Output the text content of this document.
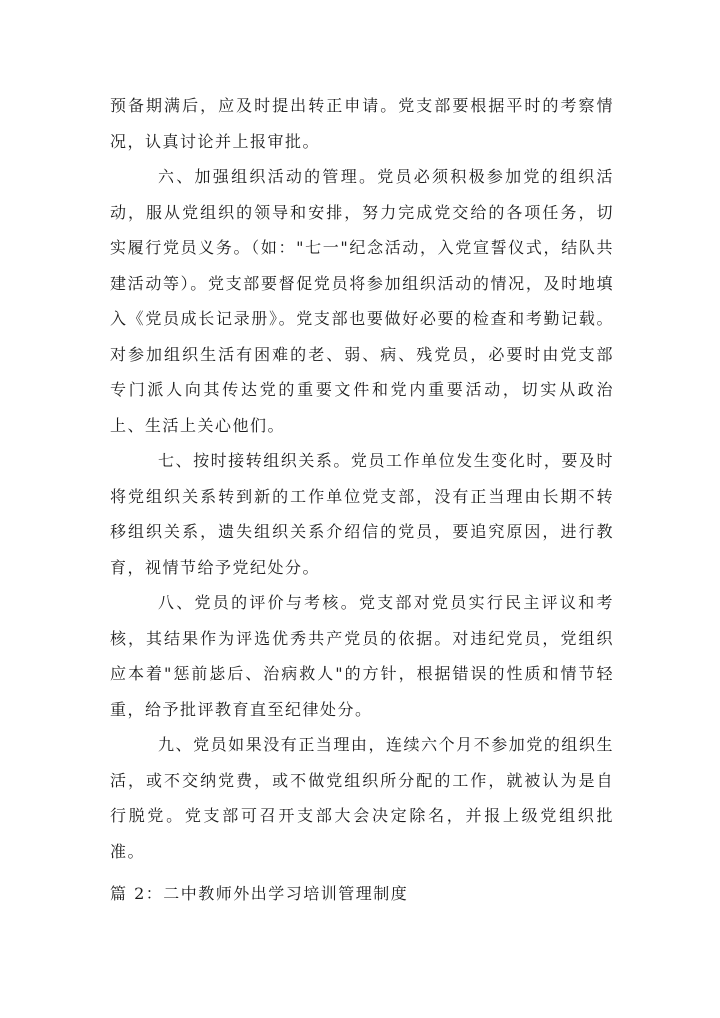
预备期满后，应及时提出转正申请。党支部要根据平时的考察情况，认真讨论并上报审批。

六、加强组织活动的管理。党员必须积极参加党的组织活动，服从党组织的领导和安排，努力完成党交给的各项任务，切实履行党员义务。（如："七一"纪念活动，入党宣誓仪式，结队共建活动等）。党支部要督促党员将参加组织活动的情况，及时地填入《党员成长记录册》。党支部也要做好必要的检查和考勤记载。对参加组织生活有困难的老、弱、病、残党员，必要时由党支部专门派人向其传达党的重要文件和党内重要活动，切实从政治上、生活上关心他们。

七、按时接转组织关系。党员工作单位发生变化时，要及时将党组织关系转到新的工作单位党支部，没有正当理由长期不转移组织关系，遗失组织关系介绍信的党员，要追究原因，进行教育，视情节给予党纪处分。

八、党员的评价与考核。党支部对党员实行民主评议和考核，其结果作为评选优秀共产党员的依据。对违纪党员，党组织应本着"惩前毖后、治病救人"的方针，根据错误的性质和情节轻重，给予批评教育直至纪律处分。

九、党员如果没有正当理由，连续六个月不参加党的组织生活，或不交纳党费，或不做党组织所分配的工作，就被认为是自行脱党。党支部可召开支部大会决定除名，并报上级党组织批准。

篇 2：二中教师外出学习培训管理制度
